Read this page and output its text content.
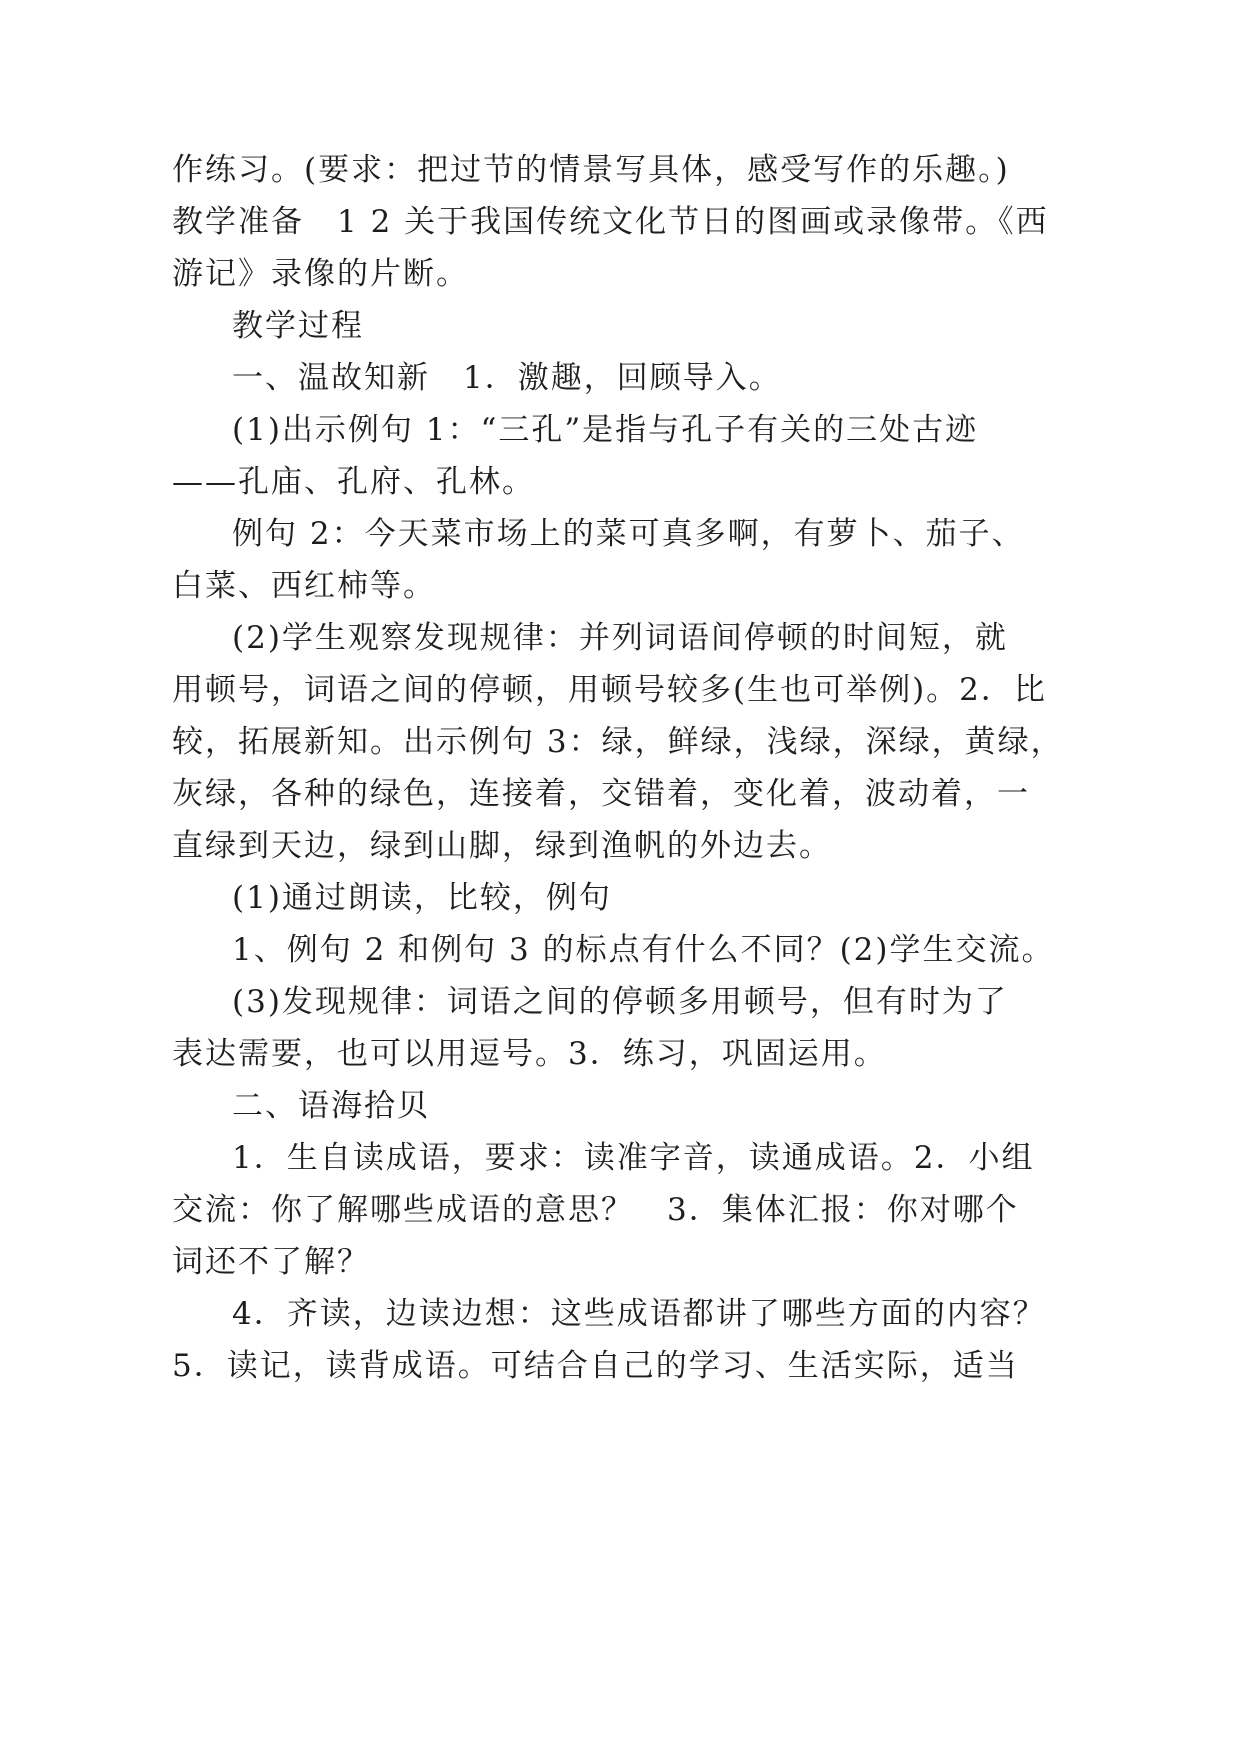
作练习。(要求：把过节的情景写具体，感受写作的乐趣。)
教学准备　1 2 关于我国传统文化节日的图画或录像带。《西
游记》录像的片断。
教学过程
一、温故知新　1．激趣，回顾导入。
(1)出示例句 1：“三孔”是指与孔子有关的三处古迹
——孔庙、孔府、孔林。
例句 2：今天菜市场上的菜可真多啊，有萝卜、茄子、
白菜、西红柿等。
(2)学生观察发现规律：并列词语间停顿的时间短，就
用顿号，词语之间的停顿，用顿号较多(生也可举例)。2．比
较，拓展新知。出示例句 3：绿，鲜绿，浅绿，深绿，黄绿，
灰绿，各种的绿色，连接着，交错着，变化着，波动着，一
直绿到天边，绿到山脚，绿到渔帆的外边去。
(1)通过朗读，比较，例句
1、例句 2 和例句 3 的标点有什么不同？(2)学生交流。
(3)发现规律：词语之间的停顿多用顿号，但有时为了
表达需要，也可以用逗号。3．练习，巩固运用。
二、语海拾贝
1．生自读成语，要求：读准字音，读通成语。2．小组
交流：你了解哪些成语的意思？　3．集体汇报：你对哪个
词还不了解？
4．齐读，边读边想：这些成语都讲了哪些方面的内容？
5．读记，读背成语。可结合自己的学习、生活实际，适当
